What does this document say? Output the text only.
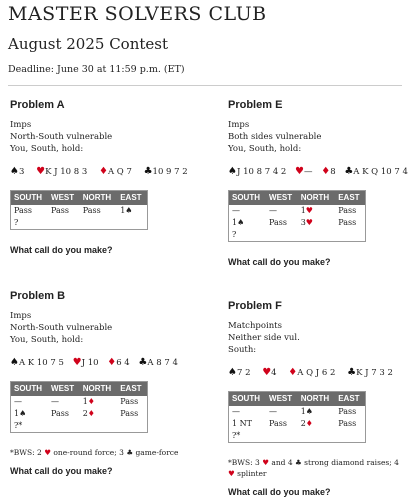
MASTER SOLVERS CLUB
August 2025 Contest
Deadline: June 30 at 11:59 p.m. (ET)
Problem A
Imps
North-South vulnerable
You, South, hold:
♠3 ♥K J 10 8 3 ♦A Q 7 ♣10 9 7 2
SOUTH	WEST	NORTH	EAST
Pass	Pass	Pass	1♠
?			
What call do you make?
Problem E
Imps
Both sides vulnerable
You, South, hold:
♠J 10 8 7 4 2 ♥— ♦8 ♣A K Q 10 7 4
SOUTH	WEST	NORTH	EAST
—	—	1♥	Pass
1♠	Pass	3♥	Pass
?			
What call do you make?
Problem B
Imps
North-South vulnerable
You, South, hold:
♠A K 10 7 5 ♥J 10 ♦6 4 ♣A 8 7 4
SOUTH	WEST	NORTH	EAST
—	—	1♦	Pass
1♠	Pass	2♦	Pass
?*			
*BWS: 2 ♥ one-round force; 3 ♣ game-force
What call do you make?
Problem F
Matchpoints
Neither side vul.
South:
♠7 2 ♥4 ♦A Q J 6 2 ♣K J 7 3 2
SOUTH	WEST	NORTH	EAST
—	—	1♠	Pass
1 NT	Pass	2♦	Pass
?*			
*BWS: 3 ♥ and 4 ♣ strong diamond raises; 4 ♥ splinter
What call do you make?
